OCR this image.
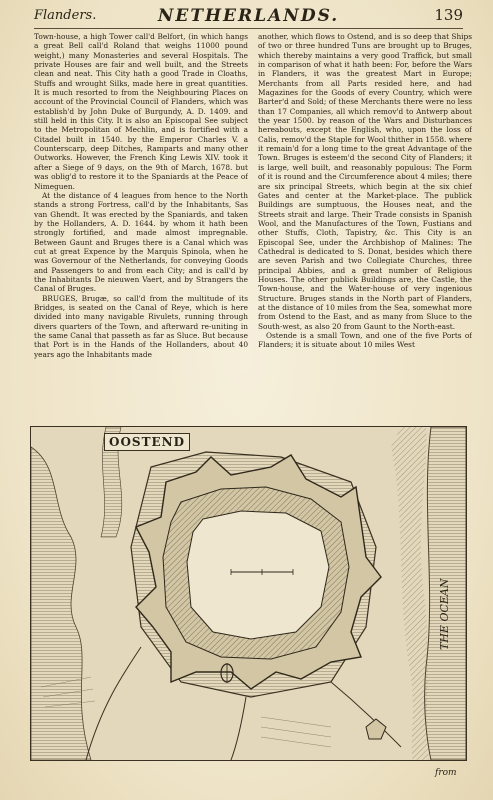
Flanders.	NETHERLANDS.	139

Town-house, a high Tower call'd Belfort, (in which hangs a great Bell call'd Roland that weighs 11000 pound weight,) many Monasteries and several Hospitals. The private Houses are fair and well built, and the Streets clean and neat. This City hath a good Trade in Cloaths, Stuffs and wrought Silks, made here in great quantities. It is much resorted to from the Neighbouring Places on account of the Provincial Council of Flanders, which was establish'd by John Duke of Burgundy, A. D. 1409. and still held in this City. It is also an Episcopal See subject to the Metropolitan of Mechlin, and is fortified with a Citadel built in 1540. by the Emperor Charles V. a Counterscarp, deep Ditches, Ramparts and many other Outworks. However, the French King Lewis XIV. took it after a Siege of 9 days, on the 9th of March, 1678. but was oblig'd to restore it to the Spaniards at the Peace of Nimeguen.

At the distance of 4 leagues from hence to the North stands a strong Fortress, call'd by the Inhabitants, Sas van Ghendt. It was erected by the Spaniards, and taken by the Hollanders, A. D. 1644. by whom it hath been strongly fortified, and made almost impregnable. Between Gaunt and Bruges there is a Canal which was cut at great Expence by the Marquis Spinola, when he was Governour of the Netherlands, for conveying Goods and Passengers to and from each City; and is call'd by the Inhabitants De nieuwen Vaert, and by Strangers the Canal of Bruges.

BRUGES, Brugæ, so call'd from the multitude of its Bridges, is seated on the Canal of Reye, which is here divided into many navigable Rivulets, running through divers quarters of the Town, and afterward re-uniting in the same Canal that passeth as far as Sluce. But because that Port is in the Hands of the Hollanders, about 40 years ago the Inhabitants made

another, which flows to Ostend, and is so deep that Ships of two or three hundred Tuns are brought up to Bruges, which thereby maintains a very good Traffick, but small in comparison of what it hath been: For, before the Wars in Flanders, it was the greatest Mart in Europe; Merchants from all Parts resided here, and had Magazines for the Goods of every Country, which were Barter'd and Sold; of these Merchants there were no less than 17 Companies, all which remov'd to Antwerp about the year 1500. by reason of the Wars and Disturbances hereabouts, except the English, who, upon the loss of Calis, remov'd the Staple for Wool thither in 1558. where it remain'd for a long time to the great Advantage of the Town. Bruges is esteem'd the second City of Flanders; it is large, well built, and reasonably populous: The Form of it is round and the Circumference about 4 miles; there are six principal Streets, which begin at the six chief Gates and center at the Market-place. The publick Buildings are sumptuous, the Houses neat, and the Streets strait and large. Their Trade consists in Spanish Wool, and the Manufactures of the Town, Fustians and other Stuffs, Cloth, Tapistry, &c. This City is an Episcopal See, under the Archbishop of Malines: The Cathedral is dedicated to S. Donat, besides which there are seven Parish and two Collegiate Churches, three principal Abbies, and a great number of Religious Houses. The other publick Buildings are, the Castle, the Town-house, and the Water-house of very ingenious Structure. Bruges stands in the North part of Flanders, at the distance of 10 miles from the Sea, somewhat more from Ostend to the East, and as many from Sluce to the South-west, as also 20 from Gaunt to the North-east.

Ostende is a small Town, and one of the five Ports of Flanders; it is situate about 10 miles West

OOSTEND
THE OCEAN
from
